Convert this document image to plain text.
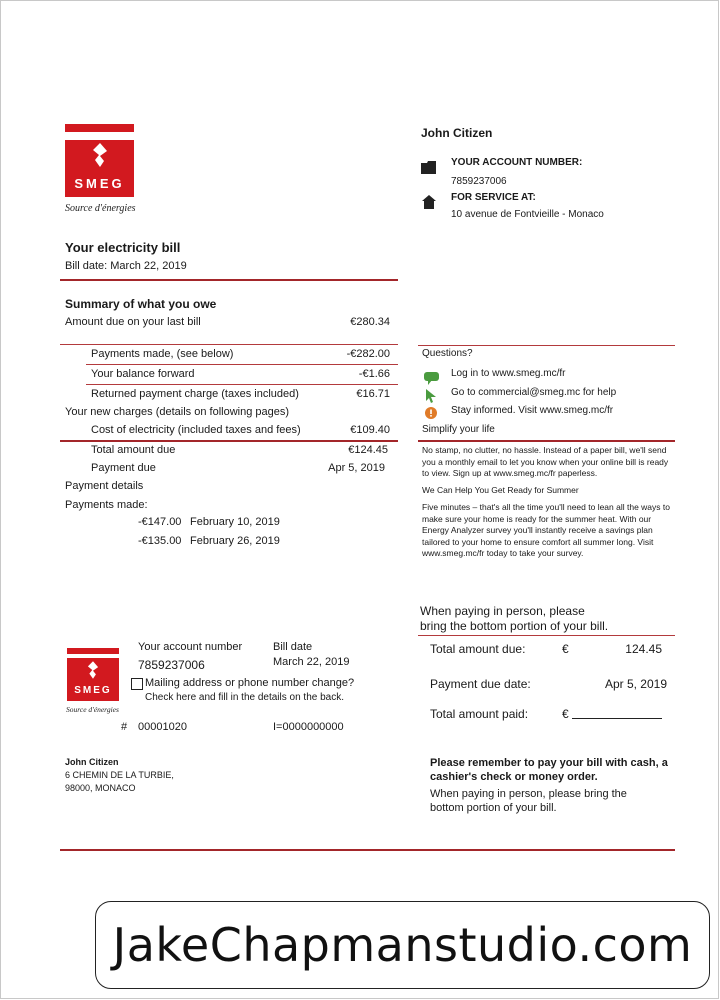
SMEG
Source d'énergies
John Citizen
YOUR ACCOUNT NUMBER:
7859237006
FOR SERVICE AT:
10 avenue de Fontvieille - Monaco
Your electricity bill
Bill date: March 22, 2019
Summary of what you owe
Amount due on your last bill	€280.34
Payments made, (see below)	-€282.00
Your balance forward	-€1.66
Returned payment charge (taxes included)	€16.71
Your new charges (details on following pages)
Cost of electricity (included taxes and fees)	€109.40
Total amount due	€124.45
Payment due	Apr 5, 2019
Payment details
Payments made:
-€147.00 February 10, 2019
-€135.00 February 26, 2019
Questions?
Log in to www.smeg.mc/fr
Go to commercial@smeg.mc for help
Stay informed. Visit www.smeg.mc/fr
Simplify your life
No stamp, no clutter, no hassle. Instead of a paper bill, we'll send you a monthly email to let you know when your online bill is ready to view. Sign up at www.smeg.mc/fr paperless.
We Can Help You Get Ready for Summer
Five minutes – that's all the time you'll need to lean all the ways to make sure your home is ready for the summer heat. With our Energy Analyzer survey you'll instantly receive a savings plan tailored to your home to ensure comfort all summer long. Visit www.smeg.mc/fr today to take your survey.
SMEG
Source d'énergies
Your account number
7859237006
Bill date
March 22, 2019
Mailing address or phone number change?
Check here and fill in the details on the back.
# 00001020	I=0000000000
John Citizen
6 CHEMIN DE LA TURBIE,
98000, MONACO
When paying in person, please
bring the bottom portion of your bill.
Total amount due:	€	124.45
Payment due date:	Apr 5, 2019
Total amount paid:	€
Please remember to pay your bill with cash, a cashier's check or money order.
When paying in person, please bring the bottom portion of your bill.
JakeChapmanstudio.com
